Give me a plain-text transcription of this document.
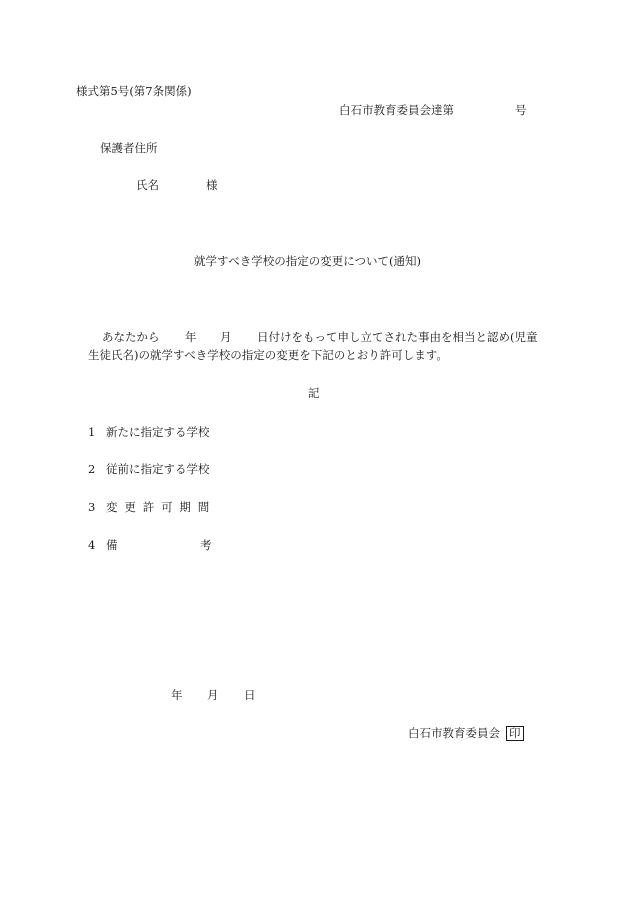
様式第5号(第7条関係)
白石市教育委員会達第	号
保護者住所
氏名	様
就学すべき学校の指定の変更について(通知)
あなたから 年 月 日付けをもって申し立てされた事由を相当と認め(児童
生徒氏名)の就学すべき学校の指定の変更を下記のとおり許可します。
記
1 新たに指定する学校
2 従前に指定する学校
3 変 更 許 可 期 間
4 備	考
年 月 日
白石市教育委員会 印
